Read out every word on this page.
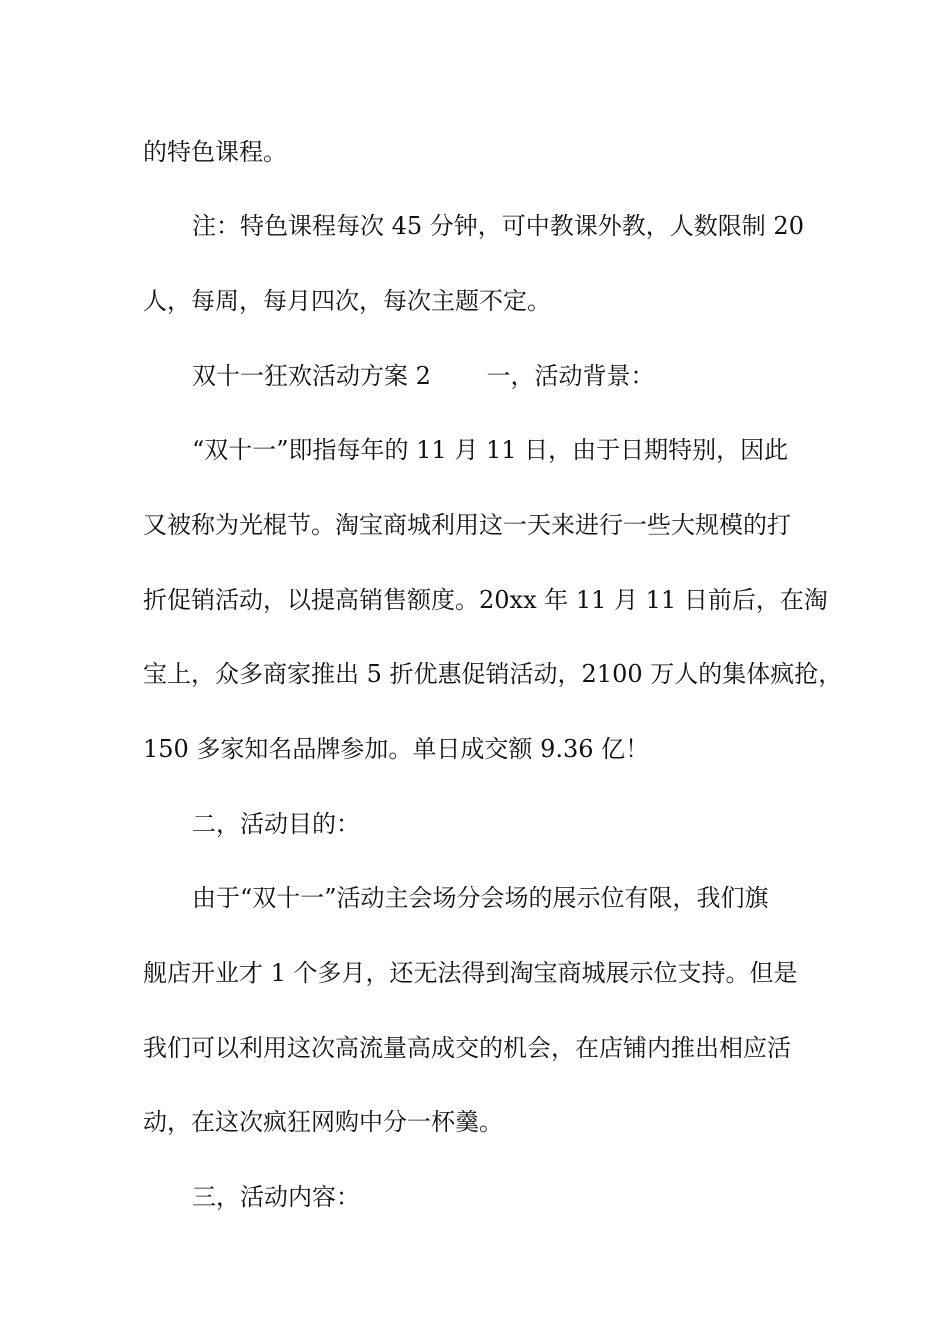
的特色课程。
注：特色课程每次 45 分钟，可中教课外教，人数限制 20
人，每周，每月四次，每次主题不定。
双十一狂欢活动方案 2　　 一，活动背景：
“双十一”即指每年的 11 月 11 日，由于日期特别，因此
又被称为光棍节。淘宝商城利用这一天来进行一些大规模的打
折促销活动，以提高销售额度。20xx 年 11 月 11 日前后，在淘
宝上，众多商家推出 5 折优惠促销活动，2100 万人的集体疯抢，
150 多家知名品牌参加。单日成交额 9.36 亿！
二，活动目的：
由于“双十一”活动主会场分会场的展示位有限，我们旗
舰店开业才 1 个多月，还无法得到淘宝商城展示位支持。但是
我们可以利用这次高流量高成交的机会，在店铺内推出相应活
动，在这次疯狂网购中分一杯羹。
三，活动内容：
